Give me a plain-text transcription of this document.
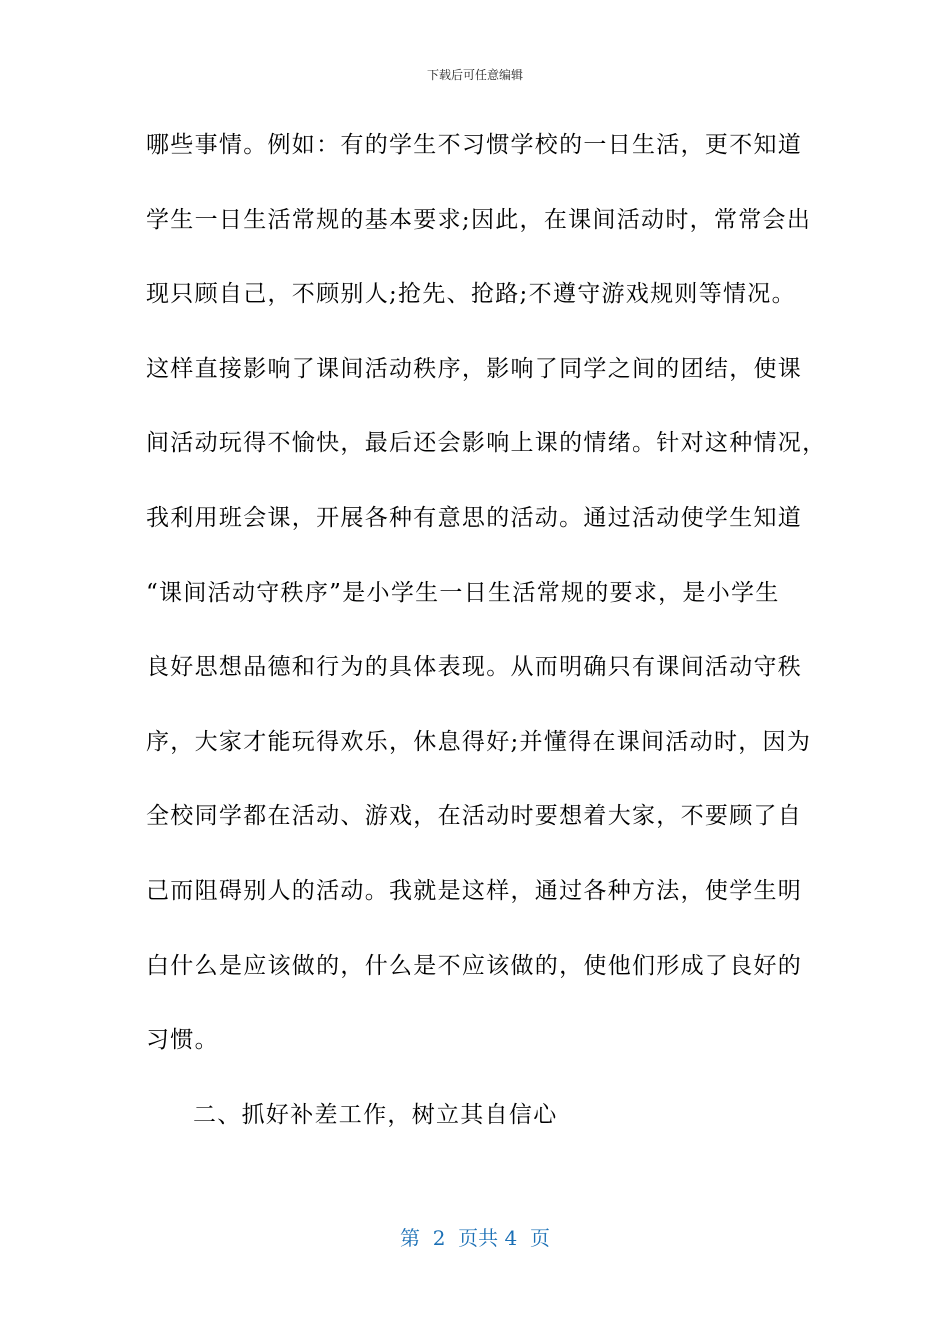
下载后可任意编辑
哪些事情。例如：有的学生不习惯学校的一日生活，更不知道
学生一日生活常规的基本要求;因此，在课间活动时，常常会出
现只顾自己，不顾别人;抢先、抢路;不遵守游戏规则等情况。
这样直接影响了课间活动秩序，影响了同学之间的团结，使课
间活动玩得不愉快，最后还会影响上课的情绪。针对这种情况，
我利用班会课，开展各种有意思的活动。通过活动使学生知道
“课间活动守秩序”是小学生一日生活常规的要求，是小学生
良好思想品德和行为的具体表现。从而明确只有课间活动守秩
序，大家才能玩得欢乐，休息得好;并懂得在课间活动时，因为
全校同学都在活动、游戏，在活动时要想着大家，不要顾了自
己而阻碍别人的活动。我就是这样，通过各种方法，使学生明
白什么是应该做的，什么是不应该做的，使他们形成了良好的
习惯。
二、抓好补差工作，树立其自信心
第  2  页共 4  页
